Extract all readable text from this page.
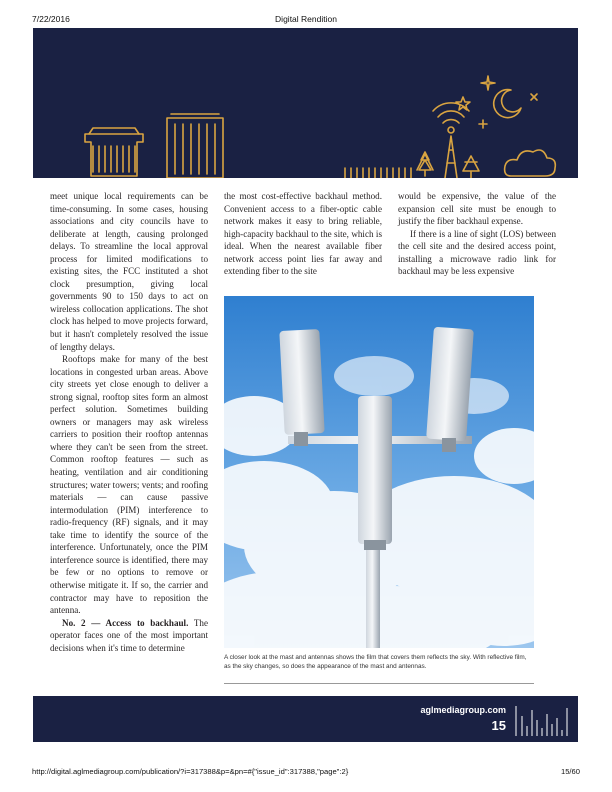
7/22/2016	Digital Rendition

meet unique local requirements can be time-consuming. In some cases, housing associations and city councils have to deliberate at length, causing prolonged delays. To streamline the local approval process for limited modifications to existing sites, the FCC instituted a shot clock presumption, giving local governments 90 to 150 days to act on wireless collocation applications. The shot clock has helped to move projects forward, but it hasn't completely resolved the issue of lengthy delays.

Rooftops make for many of the best locations in congested urban areas. Above city streets yet close enough to deliver a strong signal, rooftop sites form an almost perfect solution. Sometimes building owners or managers may ask wireless carriers to position their rooftop antennas where they can't be seen from the street. Common rooftop features — such as heating, ventilation and air conditioning structures; water towers; vents; and roofing materials — can cause passive intermodulation (PIM) interference to radio-frequency (RF) signals, and it may take time to identify the source of the interference. Unfortunately, once the PIM interference source is identified, there may be few or no options to remove or otherwise mitigate it. If so, the carrier and contractor may have to reposition the antenna.

No. 2 — Access to backhaul. The operator faces one of the most important decisions when it's time to determine

the most cost-effective backhaul method. Convenient access to a fiber-optic cable network makes it easy to bring reliable, high-capacity backhaul to the site, which is ideal. When the nearest available fiber network access point lies far away and extending fiber to the site

would be expensive, the value of the expansion cell site must be enough to justify the fiber backhaul expense.

If there is a line of sight (LOS) between the cell site and the desired access point, installing a microwave radio link for backhaul may be less expensive

A closer look at the mast and antennas shows the film that covers them reflects the sky. With reflective film, as the sky changes, so does the appearance of the mast and antennas.
aglmediagroup.com
15
http://digital.aglmediagroup.com/publication/?i=317388&p=&pn=#{"issue_id":317388,"page":2}	15/60
